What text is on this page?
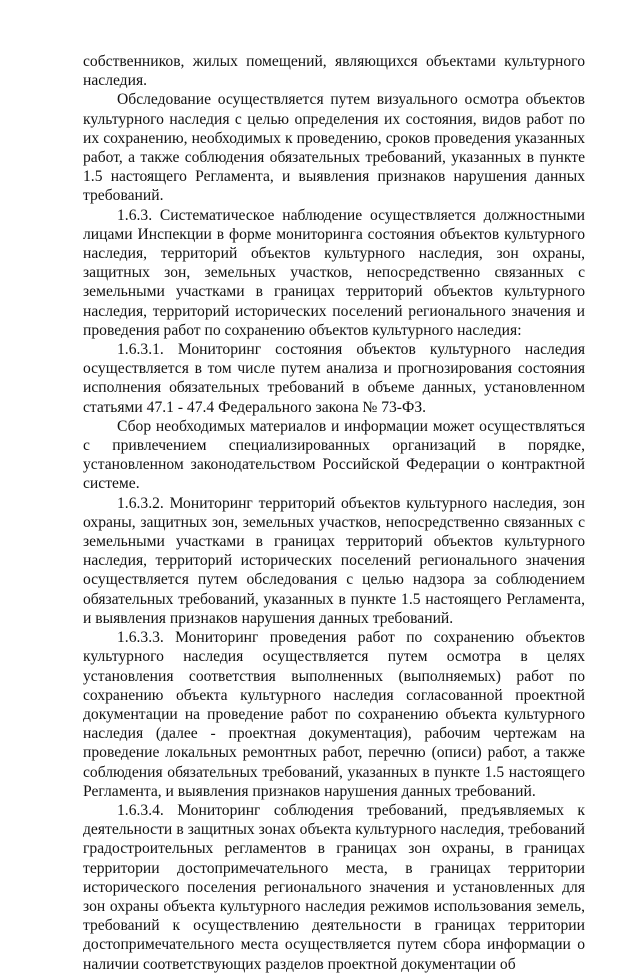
собственников, жилых помещений, являющихся объектами культурного наследия.

Обследование осуществляется путем визуального осмотра объектов культурного наследия с целью определения их состояния, видов работ по их сохранению, необходимых к проведению, сроков проведения указанных работ, а также соблюдения обязательных требований, указанных в пункте 1.5 настоящего Регламента, и выявления признаков нарушения данных требований.

1.6.3. Систематическое наблюдение осуществляется должностными лицами Инспекции в форме мониторинга состояния объектов культурного наследия, территорий объектов культурного наследия, зон охраны, защитных зон, земельных участков, непосредственно связанных с земельными участками в границах территорий объектов культурного наследия, территорий исторических поселений регионального значения и проведения работ по сохранению объектов культурного наследия:

1.6.3.1. Мониторинг состояния объектов культурного наследия осуществляется в том числе путем анализа и прогнозирования состояния исполнения обязательных требований в объеме данных, установленном статьями 47.1 - 47.4 Федерального закона № 73-ФЗ.

Сбор необходимых материалов и информации может осуществляться с привлечением специализированных организаций в порядке, установленном законодательством Российской Федерации о контрактной системе.

1.6.3.2. Мониторинг территорий объектов культурного наследия, зон охраны, защитных зон, земельных участков, непосредственно связанных с земельными участками в границах территорий объектов культурного наследия, территорий исторических поселений регионального значения осуществляется путем обследования с целью надзора за соблюдением обязательных требований, указанных в пункте 1.5 настоящего Регламента, и выявления признаков нарушения данных требований.

1.6.3.3. Мониторинг проведения работ по сохранению объектов культурного наследия осуществляется путем осмотра в целях установления соответствия выполненных (выполняемых) работ по сохранению объекта культурного наследия согласованной проектной документации на проведение работ по сохранению объекта культурного наследия (далее - проектная документация), рабочим чертежам на проведение локальных ремонтных работ, перечню (описи) работ, а также соблюдения обязательных требований, указанных в пункте 1.5 настоящего Регламента, и выявления признаков нарушения данных требований.

1.6.3.4. Мониторинг соблюдения требований, предъявляемых к деятельности в защитных зонах объекта культурного наследия, требований градостроительных регламентов в границах зон охраны, в границах территории достопримечательного места, в границах территории исторического поселения регионального значения и установленных для зон охраны объекта культурного наследия режимов использования земель, требований к осуществлению деятельности в границах территории достопримечательного места осуществляется путем сбора информации о наличии соответствующих разделов проектной документации об
